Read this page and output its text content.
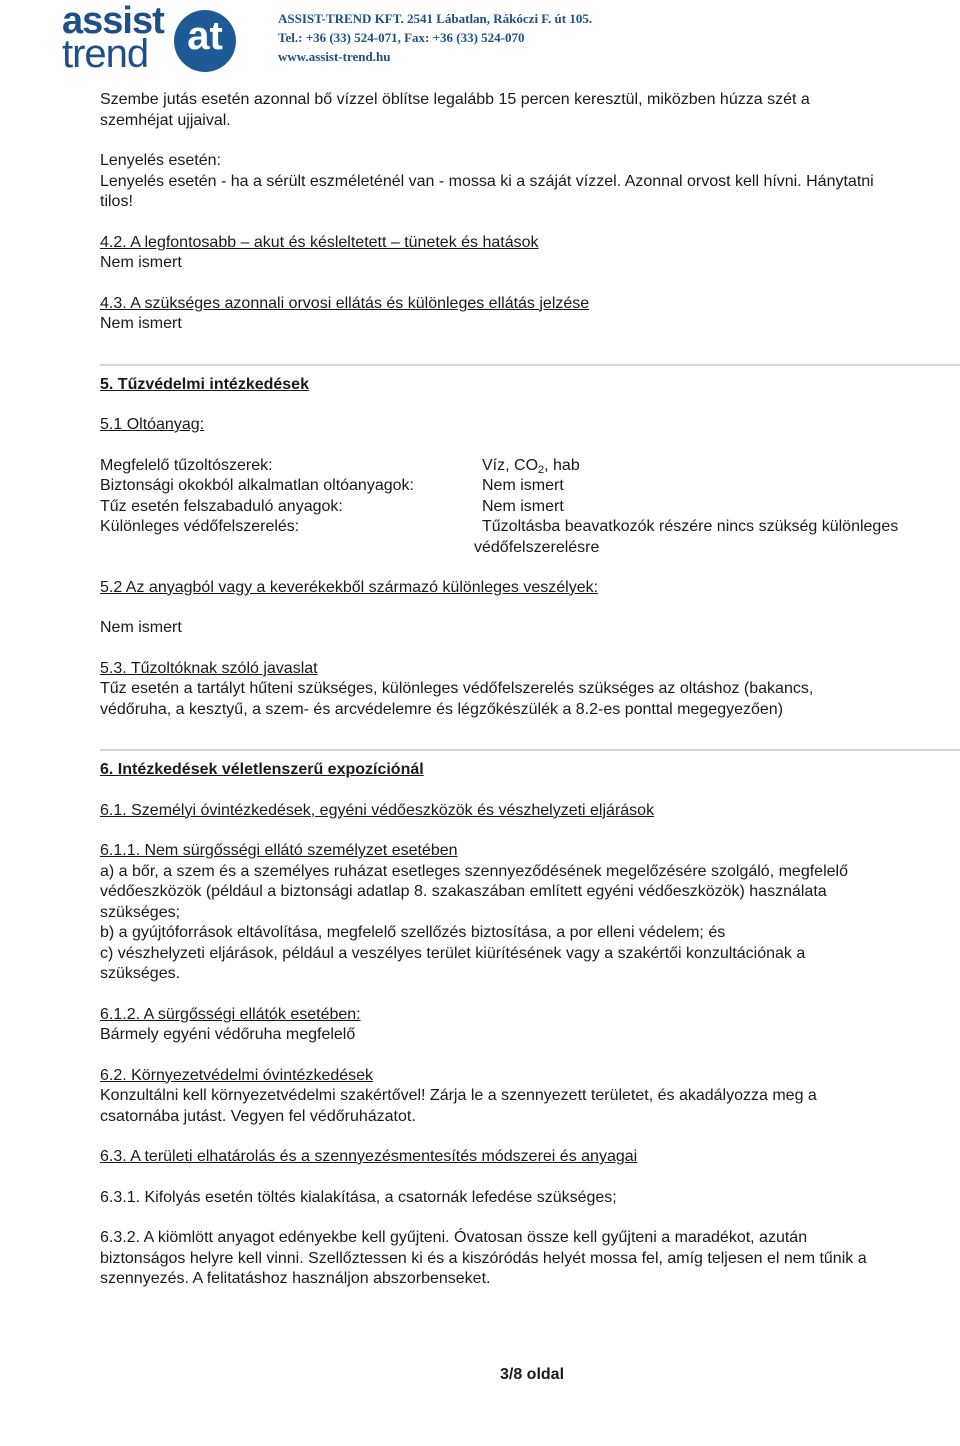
assist
trend at	ASSIST-TREND KFT. 2541 Lábatlan, Rákóczi F. út 105.
Tel.: +36 (33) 524-071, Fax: +36 (33) 524-070
www.assist-trend.hu

Szembe jutás esetén azonnal bő vízzel öblítse legalább 15 percen keresztül, miközben húzza szét a

szemhéjat ujjaival.

Lenyelés esetén:

Lenyelés esetén - ha a sérült eszméleténél van - mossa ki a száját vízzel. Azonnal orvost kell hívni. Hánytatni

tilos!

4.2. A legfontosabb – akut és késleltetett – tünetek és hatások

Nem ismert

4.3. A szükséges azonnali orvosi ellátás és különleges ellátás jelzése

Nem ismert

5. Tűzvédelmi intézkedések

5.1 Oltóanyag:

Megfelelő tűzoltószerek:	Víz, $CO_2$, hab
Biztonsági okokból alkalmatlan oltóanyagok:	Nem ismert
Tűz esetén felszabaduló anyagok:	Nem ismert
Különleges védőfelszerelés:	Tűzoltásba beavatkozók részére nincs szükség különleges
védőfelszerelésre

5.2 Az anyagból vagy a keverékekből származó különleges veszélyek:

Nem ismert

5.3. Tűzoltóknak szóló javaslat

Tűz esetén a tartályt hűteni szükséges, különleges védőfelszerelés szükséges az oltáshoz (bakancs,

védőruha, a kesztyű, a szem- és arcvédelemre és légzőkészülék a 8.2-es ponttal megegyezően)

6. Intézkedések véletlenszerű expozíciónál

6.1. Személyi óvintézkedések, egyéni védőeszközök és vészhelyzeti eljárások

6.1.1. Nem sürgősségi ellátó személyzet esetében

a) a bőr, a szem és a személyes ruházat esetleges szennyeződésének megelőzésére szolgáló, megfelelő

védőeszközök (például a biztonsági adatlap 8. szakaszában említett egyéni védőeszközök) használata

szükséges;

b) a gyújtóforrások eltávolítása, megfelelő szellőzés biztosítása, a por elleni védelem; és

c) vészhelyzeti eljárások, például a veszélyes terület kiürítésének vagy a szakértői konzultációnak a

szükséges.

6.1.2. A sürgősségi ellátók esetében:

Bármely egyéni védőruha megfelelő

6.2. Környezetvédelmi óvintézkedések

Konzultálni kell környezetvédelmi szakértővel! Zárja le a szennyezett területet, és akadályozza meg a

csatornába jutást. Vegyen fel védőruházatot.

6.3. A területi elhatárolás és a szennyezésmentesítés módszerei és anyagai

6.3.1. Kifolyás esetén töltés kialakítása, a csatornák lefedése szükséges;

6.3.2. A kiömlött anyagot edényekbe kell gyűjteni. Óvatosan össze kell gyűjteni a maradékot, azután

biztonságos helyre kell vinni. Szellőztessen ki és a kiszóródás helyét mossa fel, amíg teljesen el nem tűnik a

szennyezés. A felitatáshoz használjon abszorbenseket.

3/8 oldal
